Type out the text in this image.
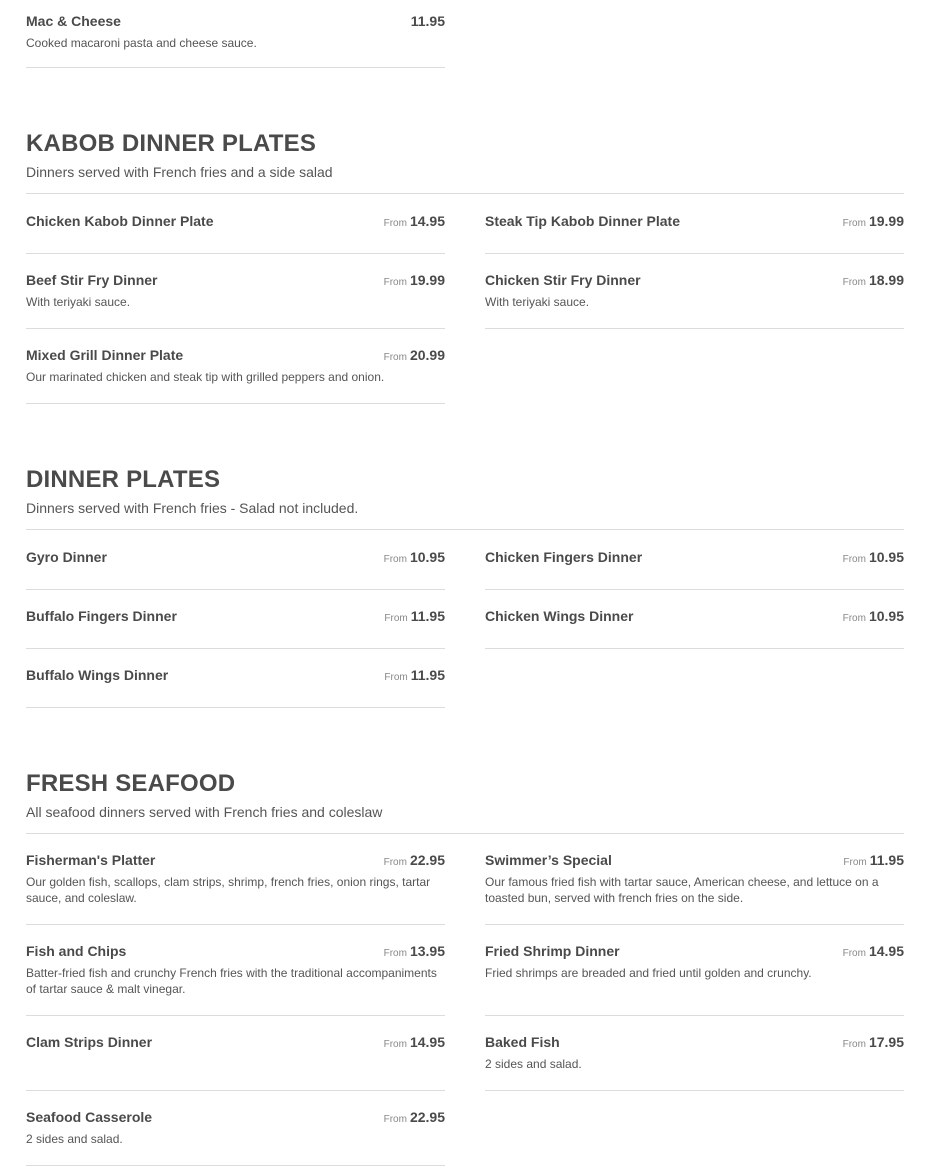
Mac & Cheese	11.95
Cooked macaroni pasta and cheese sauce.
KABOB DINNER PLATES
Dinners served with French fries and a side salad
Chicken Kabob Dinner Plate	From 14.95	Steak Tip Kabob Dinner Plate	From 19.99
Beef Stir Fry Dinner	From 19.99
With teriyaki sauce.
Chicken Stir Fry Dinner	From 18.99
With teriyaki sauce.
Mixed Grill Dinner Plate	From 20.99
Our marinated chicken and steak tip with grilled peppers and onion.
DINNER PLATES
Dinners served with French fries - Salad not included.
Gyro Dinner	From 10.95	Chicken Fingers Dinner	From 10.95
Buffalo Fingers Dinner	From 11.95	Chicken Wings Dinner	From 10.95
Buffalo Wings Dinner	From 11.95
FRESH SEAFOOD
All seafood dinners served with French fries and coleslaw
Fisherman's Platter	From 22.95
Our golden fish, scallops, clam strips, shrimp, french fries, onion rings, tartar sauce, and coleslaw.
Swimmer’s Special	From 11.95
Our famous fried fish with tartar sauce, American cheese, and lettuce on a toasted bun, served with french fries on the side.
Fish and Chips	From 13.95
Batter-fried fish and crunchy French fries with the traditional accompaniments of tartar sauce & malt vinegar.
Fried Shrimp Dinner	From 14.95
Fried shrimps are breaded and fried until golden and crunchy.
Clam Strips Dinner	From 14.95	Baked Fish	From 17.95
2 sides and salad.
Seafood Casserole	From 22.95
2 sides and salad.
